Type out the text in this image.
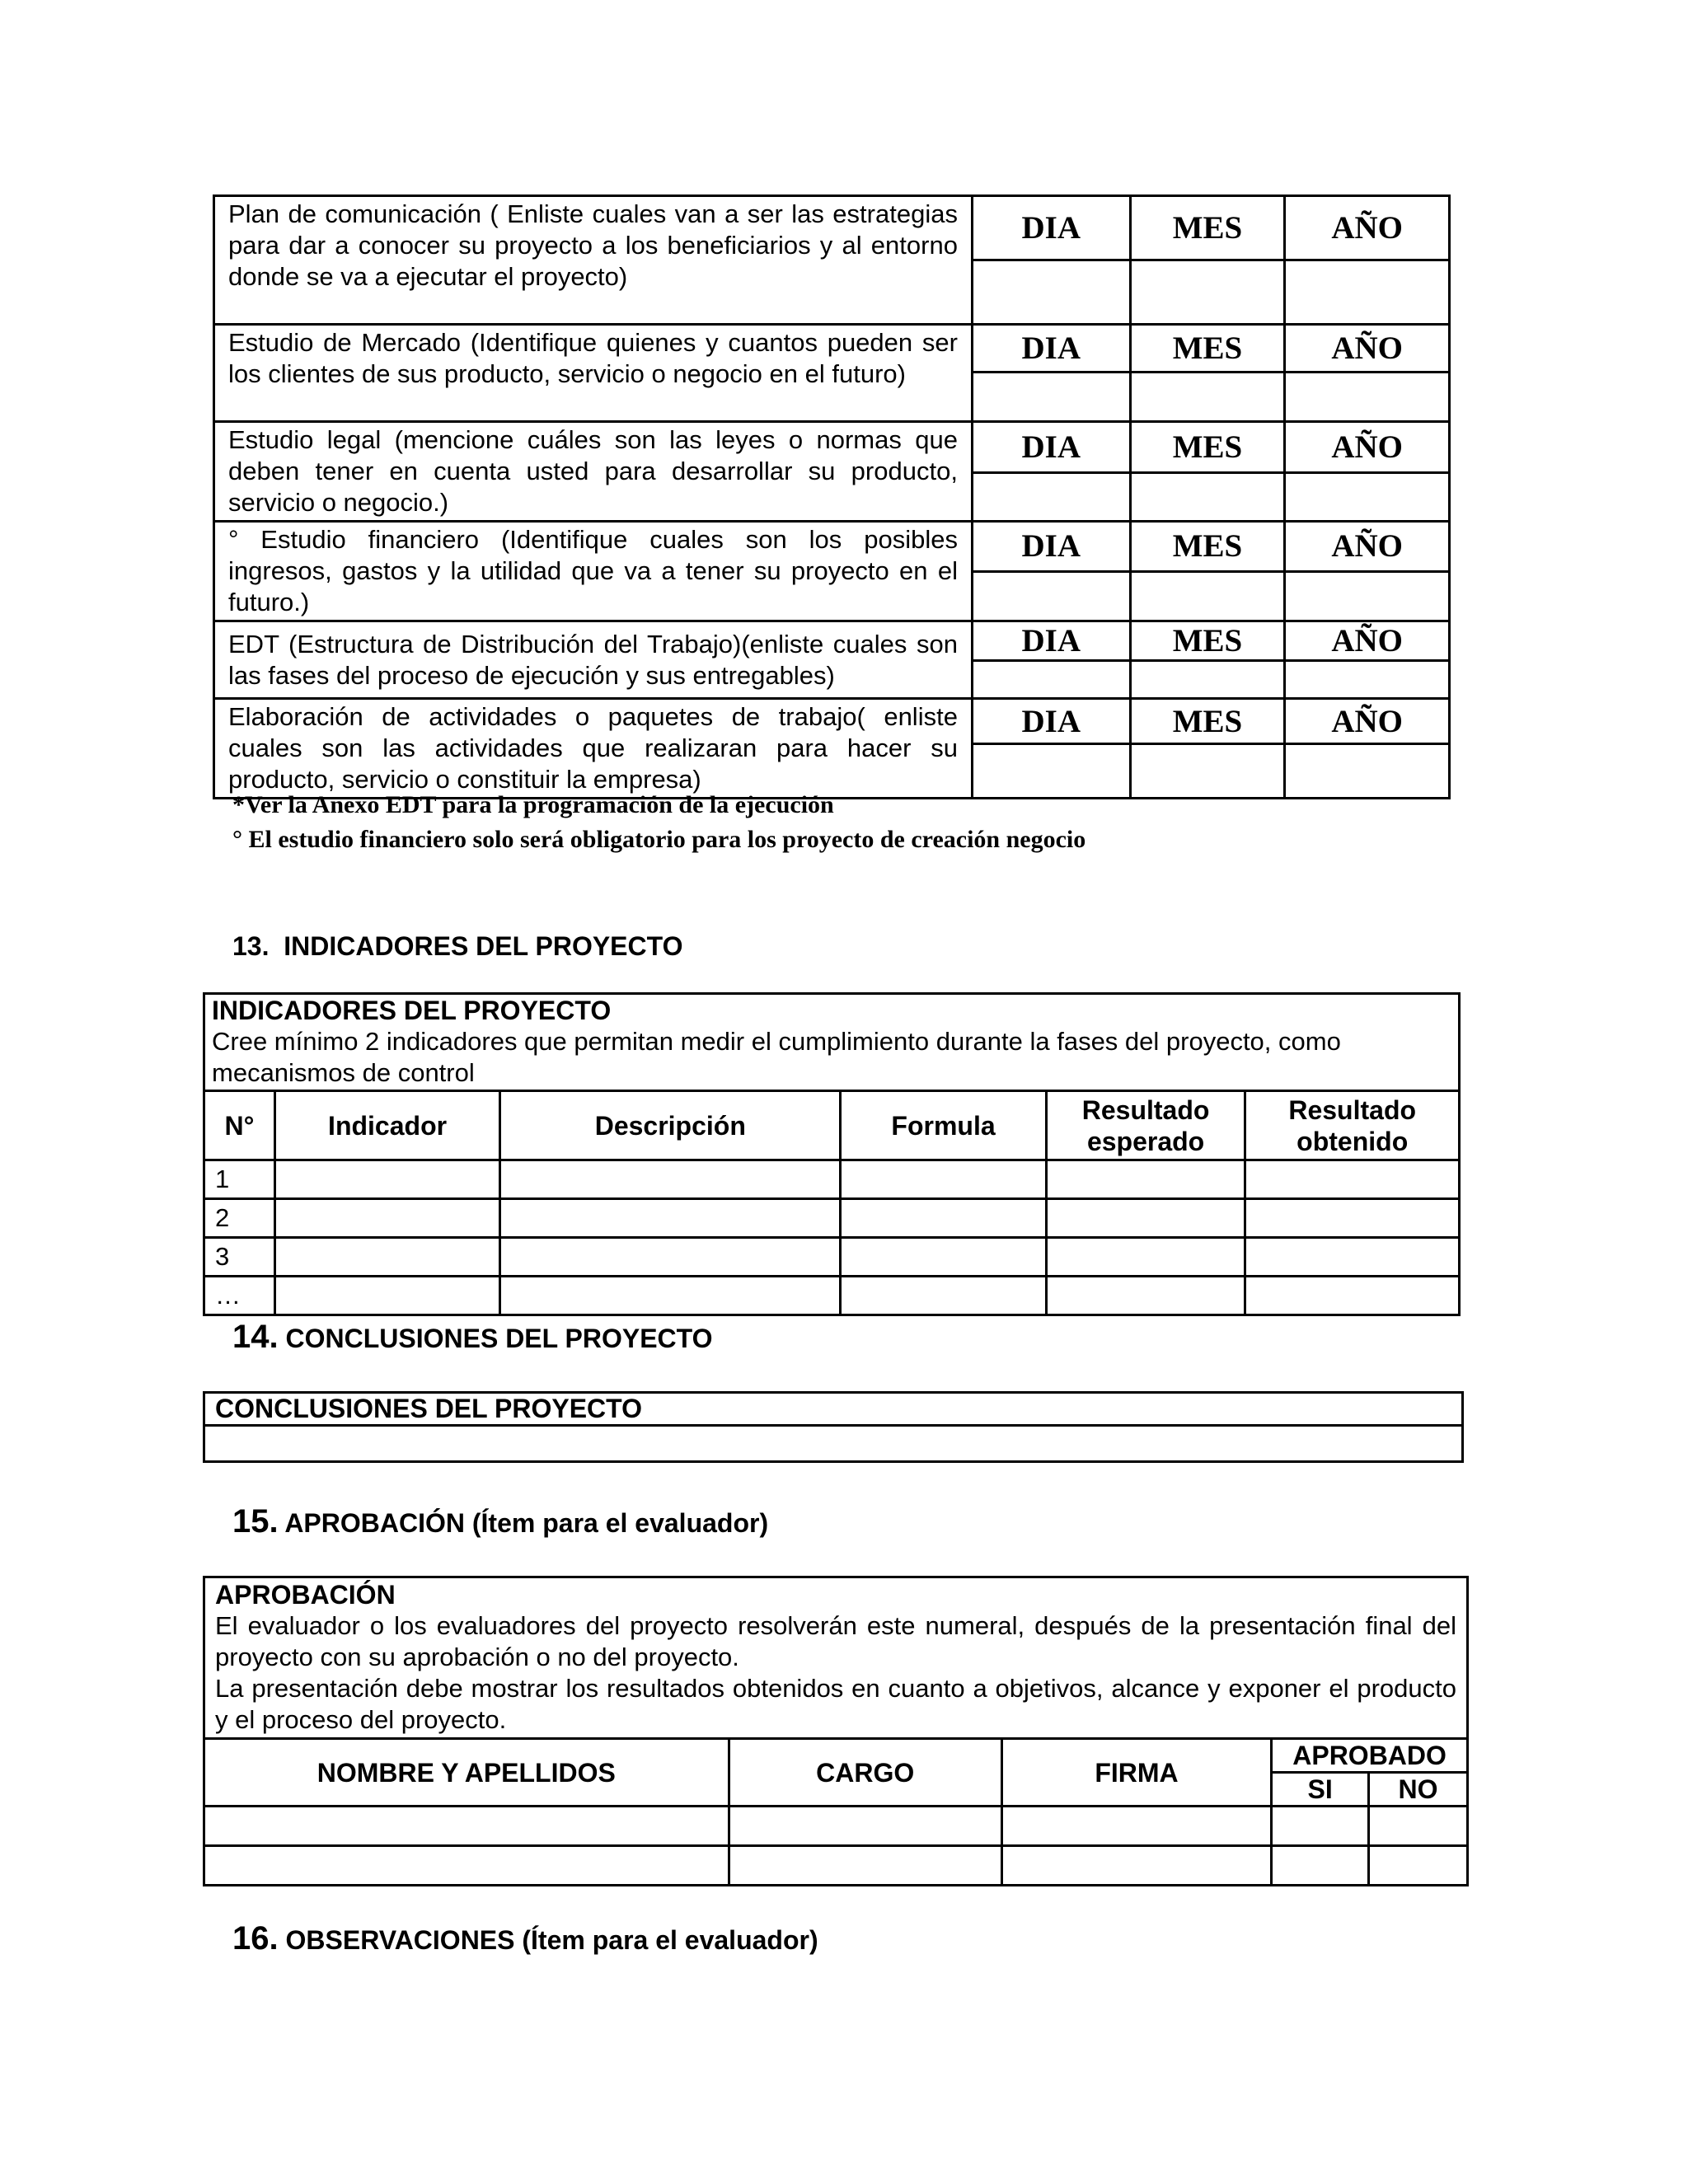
Plan de comunicación ( Enliste cuales van a ser las estrategias para dar a conocer su proyecto a los beneficiarios y al entorno donde se va a ejecutar el proyecto)	DIA	MES	AÑO

Estudio de Mercado (Identifique quienes y cuantos pueden ser los clientes de sus producto, servicio o negocio en el futuro)	DIA	MES	AÑO

Estudio legal (mencione cuáles son las leyes o normas que deben tener en cuenta usted para desarrollar su producto, servicio o negocio.)	DIA	MES	AÑO

° Estudio financiero (Identifique cuales son los posibles ingresos, gastos y la utilidad que va a tener su proyecto en el futuro.)	DIA	MES	AÑO

EDT (Estructura de Distribución del Trabajo)(enliste cuales son las fases del proceso de ejecución y sus entregables)	DIA	MES	AÑO

Elaboración de actividades o paquetes de trabajo( enliste cuales son las actividades que realizaran para hacer su producto, servicio o constituir la empresa)	DIA	MES	AÑO

*Ver la Anexo EDT para la programación de la ejecución
° El estudio financiero solo será obligatorio para los proyecto de creación negocio
13. INDICADORES DEL PROYECTO
INDICADORES DEL PROYECTO
Cree mínimo 2 indicadores que permitan medir el cumplimiento durante la fases del proyecto, como mecanismos de control					

N°	Indicador	Descripción	Formula	Resultado esperado	Resultado obtenido
1					
2					
3					
…					
14. CONCLUSIONES DEL PROYECTO
CONCLUSIONES DEL PROYECTO

15. APROBACIÓN (Ítem para el evaluador)
APROBACIÓN
El evaluador o los evaluadores del proyecto resolverán este numeral, después de la presentación final del proyecto con su aprobación o no del proyecto.
La presentación debe mostrar los resultados obtenidos en cuanto a objetivos, alcance y exponer el producto y el proceso del proyecto.				

NOMBRE Y APELLIDOS	CARGO	FIRMA	APROBADO	
			SI	NO

16. OBSERVACIONES (Ítem para el evaluador)
